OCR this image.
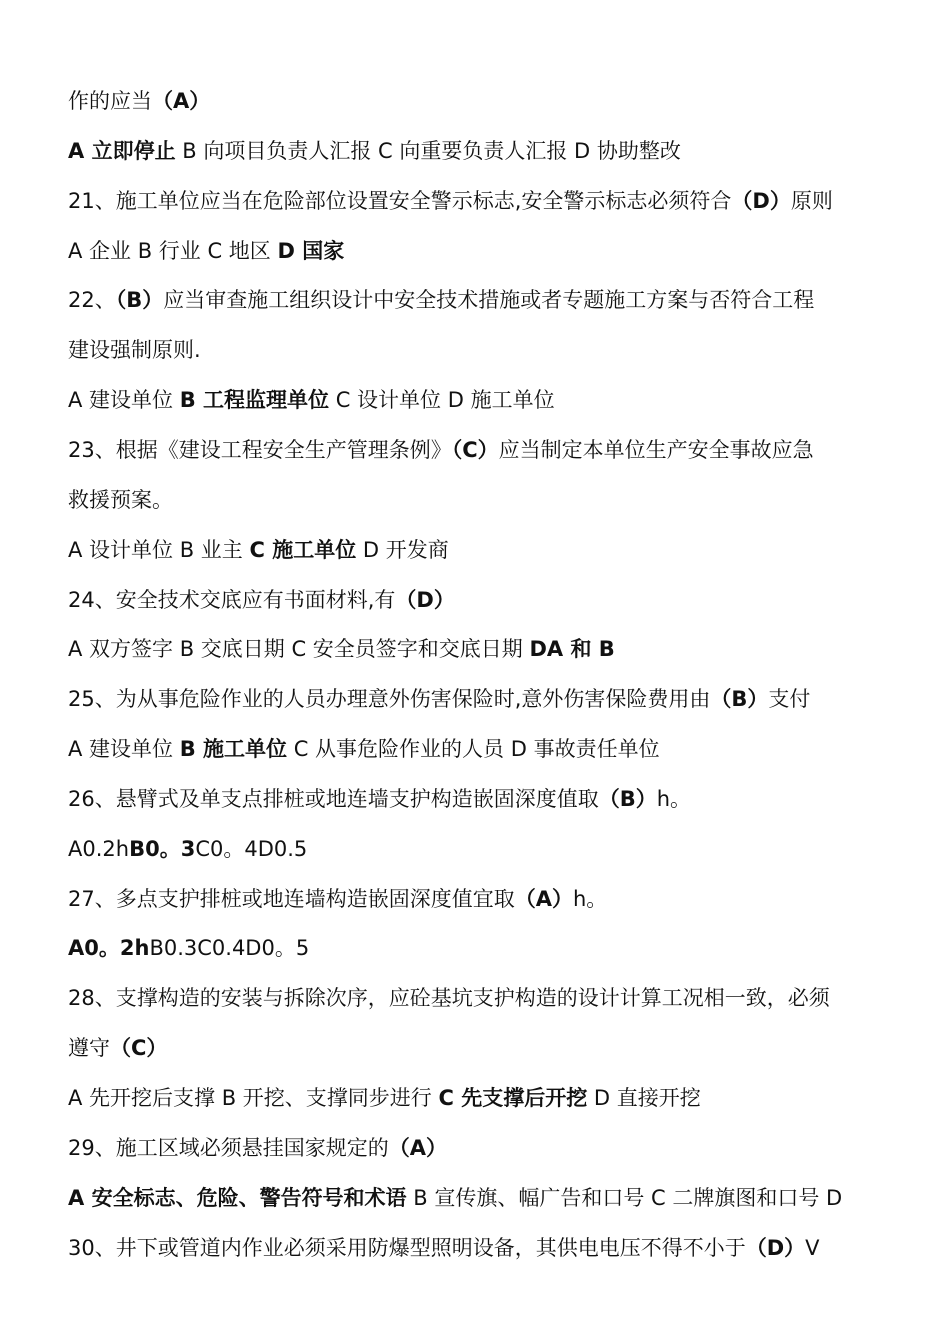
作的应当（A）
A 立即停止 B 向项目负责人汇报 C 向重要负责人汇报 D 协助整改
21、施工单位应当在危险部位设置安全警示标志,安全警示标志必须符合（D）原则
A 企业 B 行业 C 地区 D 国家
22、（B）应当审查施工组织设计中安全技术措施或者专题施工方案与否符合工程
建设强制原则.
A 建设单位 B 工程监理单位 C 设计单位 D 施工单位
23、根据《建设工程安全生产管理条例》（C）应当制定本单位生产安全事故应急
救援预案。
A 设计单位 B 业主 C 施工单位 D 开发商
24、安全技术交底应有书面材料,有（D）
A 双方签字 B 交底日期 C 安全员签字和交底日期 DA 和 B
25、为从事危险作业的人员办理意外伤害保险时,意外伤害保险费用由（B）支付
A 建设单位 B 施工单位 C 从事危险作业的人员 D 事故责任单位
26、悬臂式及单支点排桩或地连墙支护构造嵌固深度值取（B）h。
A0.2hB0。3C0。4D0.5
27、多点支护排桩或地连墙构造嵌固深度值宜取（A）h。
A0。2hB0.3C0.4D0。5
28、支撑构造的安装与拆除次序，应砼基坑支护构造的设计计算工况相一致，必须
遵守（C）
A 先开挖后支撑 B 开挖、支撑同步进行 C 先支撑后开挖 D 直接开挖
29、施工区域必须悬挂国家规定的（A）
A 安全标志、危险、警告符号和术语 B 宣传旗、幅广告和口号 C 二牌旗图和口号 D
30、井下或管道内作业必须采用防爆型照明设备，其供电电压不得不小于（D）V
